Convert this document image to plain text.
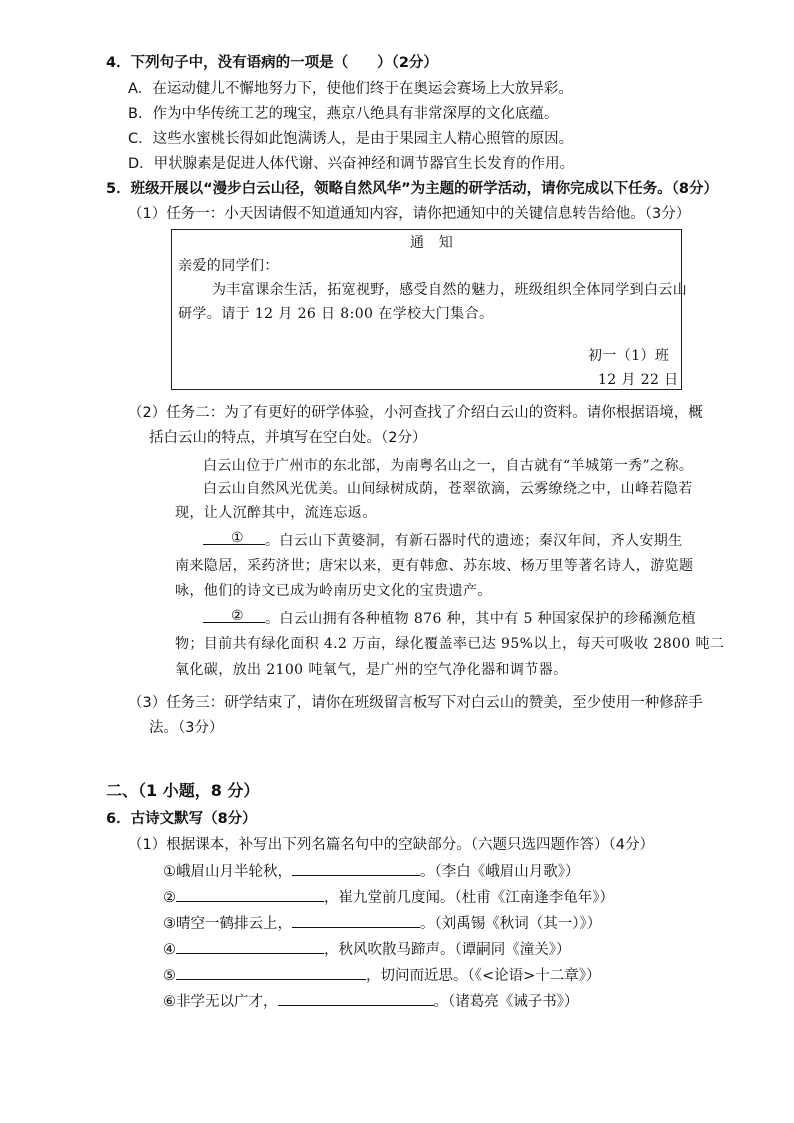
4．下列句子中，没有语病的一项是（　　）（2分）
A．在运动健儿不懈地努力下，使他们终于在奥运会赛场上大放异彩。
B．作为中华传统工艺的瑰宝，燕京八绝具有非常深厚的文化底蕴。
C．这些水蜜桃长得如此饱满诱人，是由于果园主人精心照管的原因。
D．甲状腺素是促进人体代谢、兴奋神经和调节器官生长发育的作用。
5．班级开展以“漫步白云山径，领略自然风华”为主题的研学活动，请你完成以下任务。（8分）
（1）任务一：小天因请假不知道通知内容，请你把通知中的关键信息转告给他。（3分）
通　知
亲爱的同学们：
为丰富课余生活，拓宽视野，感受自然的魅力，班级组织全体同学到白云山
研学。请于 12 月 26 日 8:00 在学校大门集合。
初一（1）班
12 月 22 日
（2）任务二：为了有更好的研学体验，小河查找了介绍白云山的资料。请你根据语境，概
括白云山的特点，并填写在空白处。（2分）
白云山位于广州市的东北部，为南粤名山之一，自古就有“羊城第一秀”之称。
白云山自然风光优美。山间绿树成荫，苍翠欲滴，云雾缭绕之中，山峰若隐若
现，让人沉醉其中，流连忘返。
① 。白云山下黄婆洞，有新石器时代的遗迹；秦汉年间，齐人安期生
南来隐居，采药济世；唐宋以来，更有韩愈、苏东坡、杨万里等著名诗人，游览题
咏，他们的诗文已成为岭南历史文化的宝贵遗产。
② 。白云山拥有各种植物 876 种，其中有 5 种国家保护的珍稀濒危植
物；目前共有绿化面积 4.2 万亩，绿化覆盖率已达 95%以上，每天可吸收 2800 吨二
氧化碳，放出 2100 吨氧气，是广州的空气净化器和调节器。
（3）任务三：研学结束了，请你在班级留言板写下对白云山的赞美，至少使用一种修辞手
法。（3分）
二、（1 小题，8 分）
6．古诗文默写（8分）
（1）根据课本，补写出下列名篇名句中的空缺部分。（六题只选四题作答）（4分）
①峨眉山月半轮秋，	。（李白《峨眉山月歌》）
②	，崔九堂前几度闻。（杜甫《江南逢李龟年》）
③晴空一鹤排云上，	。（刘禹锡《秋词（其一）》）
④	，秋风吹散马蹄声。（谭嗣同《潼关》）
⑤	，切问而近思。（《<论语>十二章》）
⑥非学无以广才，	。（诸葛亮《诫子书》）
